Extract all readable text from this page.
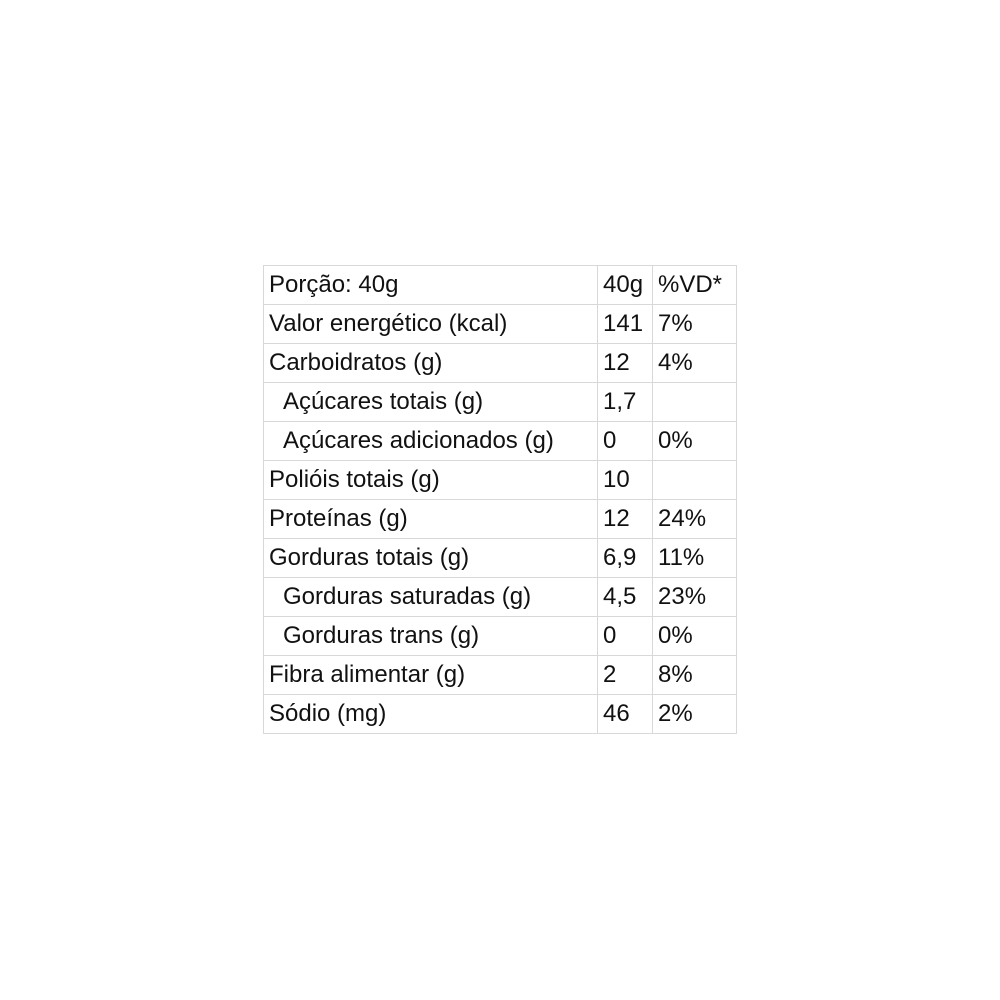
Porção: 40g	40g	%VD*
Valor energético (kcal)	141	7%
Carboidratos (g)	12	4%
Açúcares totais (g)	1,7	
Açúcares adicionados (g)	0	0%
Polióis totais (g)	10	
Proteínas (g)	12	24%
Gorduras totais (g)	6,9	11%
Gorduras saturadas (g)	4,5	23%
Gorduras trans (g)	0	0%
Fibra alimentar (g)	2	8%
Sódio (mg)	46	2%
